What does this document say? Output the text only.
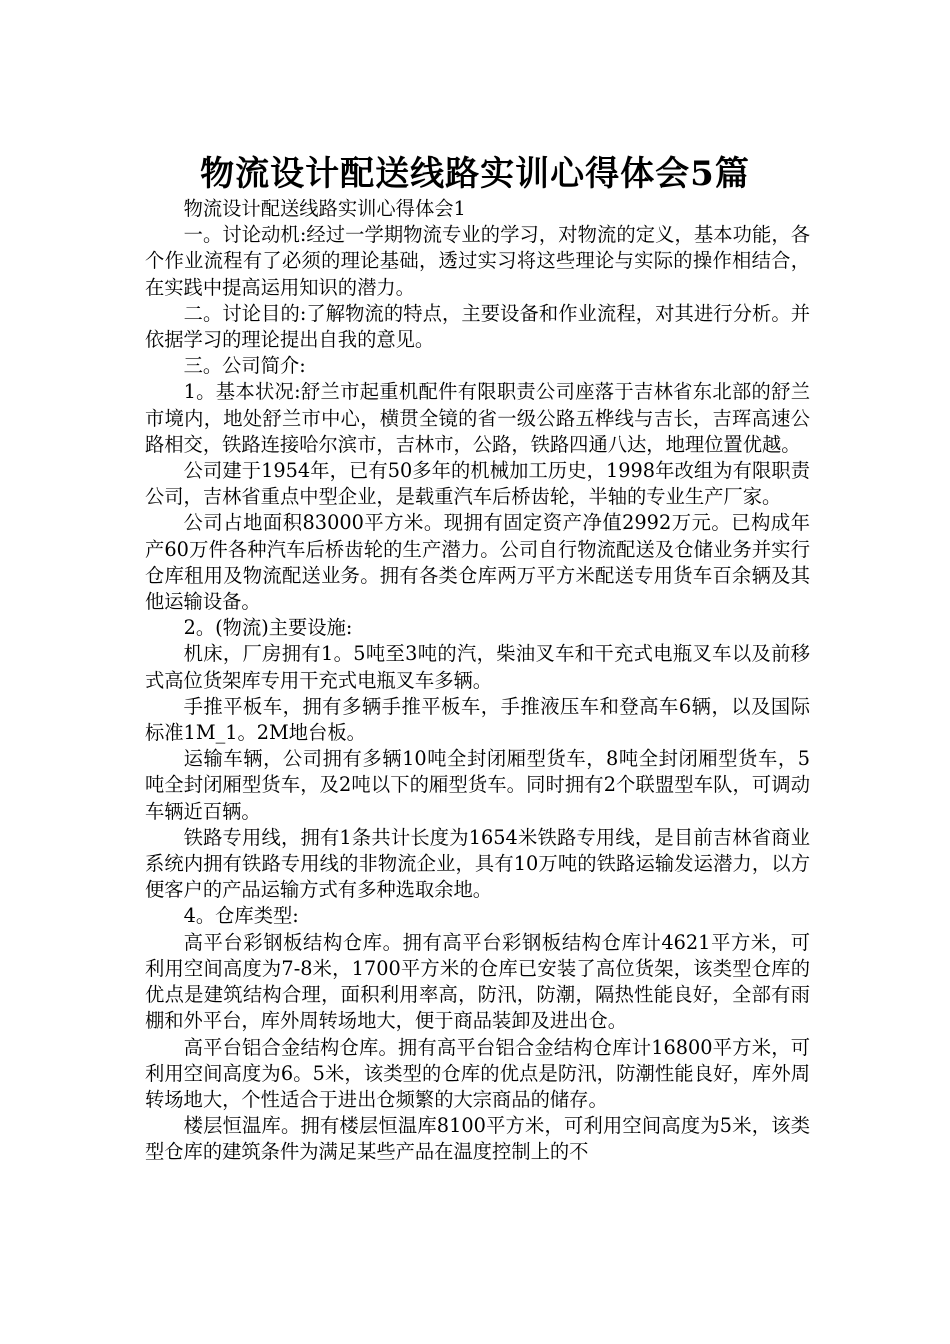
物流设计配送线路实训心得体会5篇

物流设计配送线路实训心得体会1

一。讨论动机:经过一学期物流专业的学习，对物流的定义，基本功能，各个作业流程有了必须的理论基础，透过实习将这些理论与实际的操作相结合，在实践中提高运用知识的潜力。

二。讨论目的:了解物流的特点，主要设备和作业流程，对其进行分析。并依据学习的理论提出自我的意见。

三。公司简介:

1。基本状况:舒兰市起重机配件有限职责公司座落于吉林省东北部的舒兰市境内，地处舒兰市中心，横贯全镜的省一级公路五桦线与吉长，吉珲高速公路相交，铁路连接哈尔滨市，吉林市，公路，铁路四通八达，地理位置优越。

公司建于1954年，已有50多年的机械加工历史，1998年改组为有限职责公司，吉林省重点中型企业，是载重汽车后桥齿轮，半轴的专业生产厂家。

公司占地面积83000平方米。现拥有固定资产净值2992万元。已构成年产60万件各种汽车后桥齿轮的生产潜力。公司自行物流配送及仓储业务并实行仓库租用及物流配送业务。拥有各类仓库两万平方米配送专用货车百余辆及其他运输设备。

2。(物流)主要设施:

机床，厂房拥有1。5吨至3吨的汽，柴油叉车和干充式电瓶叉车以及前移式高位货架库专用干充式电瓶叉车多辆。

手推平板车，拥有多辆手推平板车，手推液压车和登高车6辆，以及国际标准1M_1。2M地台板。

运输车辆，公司拥有多辆10吨全封闭厢型货车，8吨全封闭厢型货车，5吨全封闭厢型货车，及2吨以下的厢型货车。同时拥有2个联盟型车队，可调动车辆近百辆。

铁路专用线，拥有1条共计长度为1654米铁路专用线，是目前吉林省商业系统内拥有铁路专用线的非物流企业，具有10万吨的铁路运输发运潜力，以方便客户的产品运输方式有多种选取余地。

4。仓库类型:

高平台彩钢板结构仓库。拥有高平台彩钢板结构仓库计4621平方米，可利用空间高度为7-8米，1700平方米的仓库已安装了高位货架，该类型仓库的优点是建筑结构合理，面积利用率高，防汛，防潮，隔热性能良好，全部有雨棚和外平台，库外周转场地大，便于商品装卸及进出仓。

高平台铝合金结构仓库。拥有高平台铝合金结构仓库计16800平方米，可利用空间高度为6。5米，该类型的仓库的优点是防汛，防潮性能良好，库外周转场地大，个性适合于进出仓频繁的大宗商品的储存。

楼层恒温库。拥有楼层恒温库8100平方米，可利用空间高度为5米，该类型仓库的建筑条件为满足某些产品在温度控制上的不
